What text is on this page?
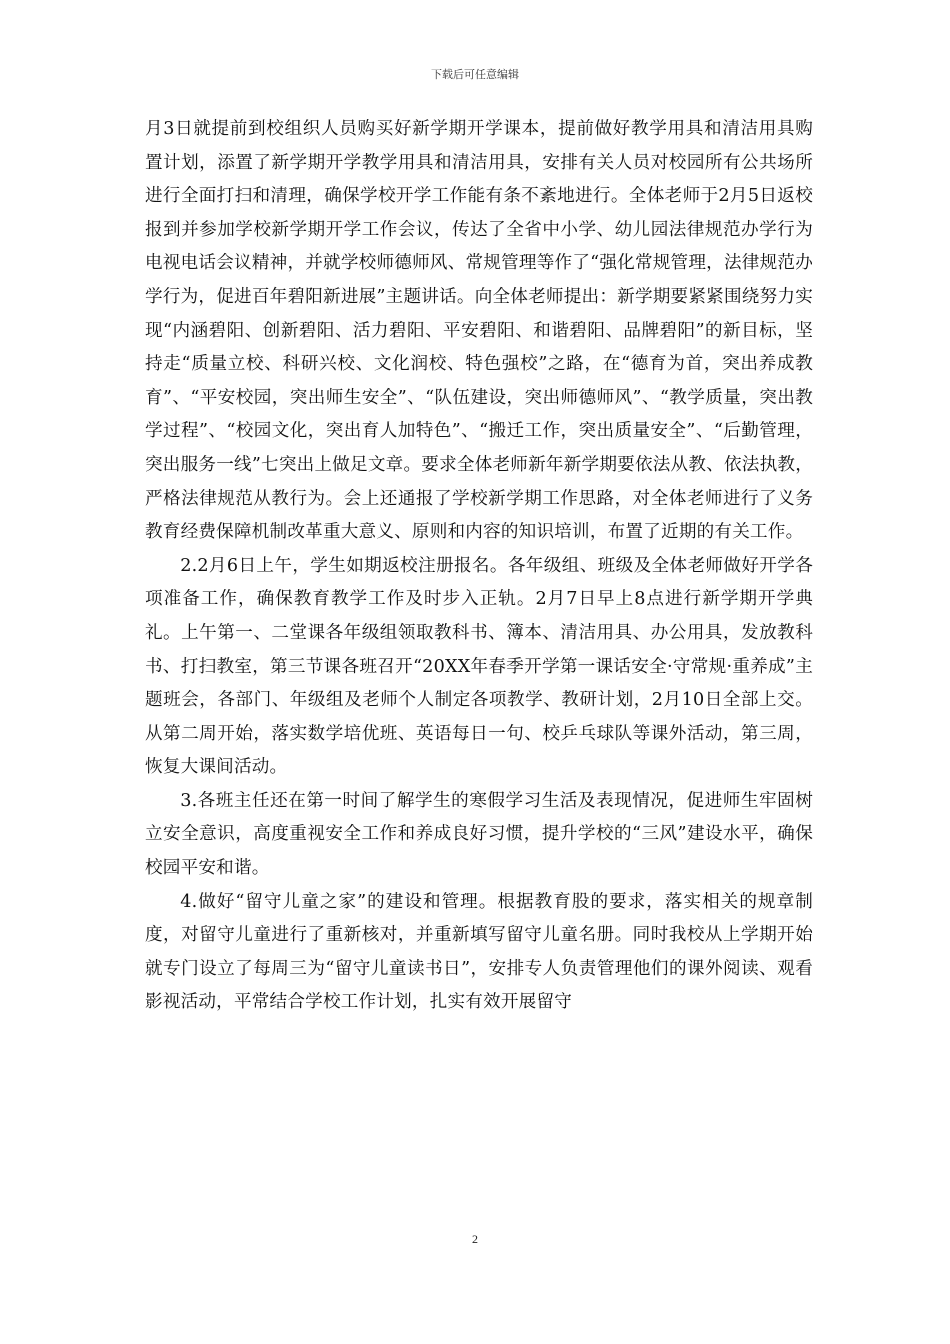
下载后可任意编辑

月3日就提前到校组织人员购买好新学期开学课本，提前做好教学用具和清洁用具购置计划，添置了新学期开学教学用具和清洁用具，安排有关人员对校园所有公共场所进行全面打扫和清理，确保学校开学工作能有条不紊地进行。全体老师于2月5日返校报到并参加学校新学期开学工作会议，传达了全省中小学、幼儿园法律规范办学行为电视电话会议精神，并就学校师德师风、常规管理等作了“强化常规管理，法律规范办学行为，促进百年碧阳新进展”主题讲话。向全体老师提出：新学期要紧紧围绕努力实现“内涵碧阳、创新碧阳、活力碧阳、平安碧阳、和谐碧阳、品牌碧阳”的新目标，坚持走“质量立校、科研兴校、文化润校、特色强校”之路，在“德育为首，突出养成教育”、“平安校园，突出师生安全”、“队伍建设，突出师德师风”、“教学质量，突出教学过程”、“校园文化，突出育人加特色”、“搬迁工作，突出质量安全”、“后勤管理，突出服务一线”七突出上做足文章。要求全体老师新年新学期要依法从教、依法执教，严格法律规范从教行为。会上还通报了学校新学期工作思路，对全体老师进行了义务教育经费保障机制改革重大意义、原则和内容的知识培训，布置了近期的有关工作。

2.2月6日上午，学生如期返校注册报名。各年级组、班级及全体老师做好开学各项准备工作，确保教育教学工作及时步入正轨。2月7日早上8点进行新学期开学典礼。上午第一、二堂课各年级组领取教科书、簿本、清洁用具、办公用具，发放教科书、打扫教室，第三节课各班召开“20XX年春季开学第一课话安全·守常规·重养成”主题班会，各部门、年级组及老师个人制定各项教学、教研计划，2月10日全部上交。从第二周开始，落实数学培优班、英语每日一句、校乒乓球队等课外活动，第三周，恢复大课间活动。

3.各班主任还在第一时间了解学生的寒假学习生活及表现情况，促进师生牢固树立安全意识，高度重视安全工作和养成良好习惯，提升学校的“三风”建设水平，确保校园平安和谐。

4.做好“留守儿童之家”的建设和管理。根据教育股的要求，落实相关的规章制度，对留守儿童进行了重新核对，并重新填写留守儿童名册。同时我校从上学期开始就专门设立了每周三为“留守儿童读书日”，安排专人负责管理他们的课外阅读、观看影视活动，平常结合学校工作计划，扎实有效开展留守

2
